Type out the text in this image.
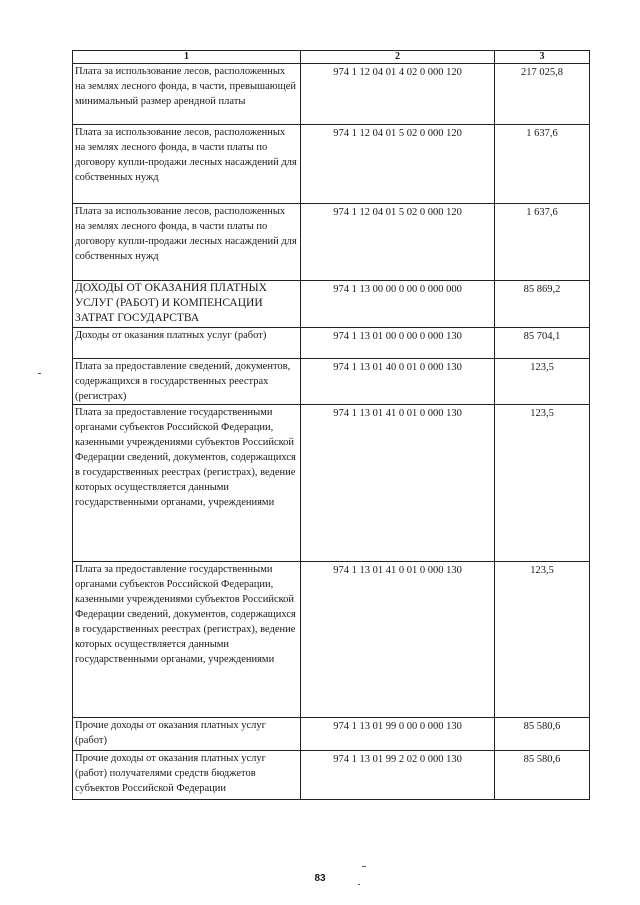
1	2	3
Плата за использование лесов, расположенных на землях лесного фонда, в части, превышающей минимальный размер арендной платы	974 1 12 04 01 4 02 0 000 120	217 025,8
Плата за использование лесов, расположенных на землях лесного фонда, в части платы по договору купли-продажи лесных насаждений для собственных нужд	974 1 12 04 01 5 02 0 000 120	1 637,6
Плата за использование лесов, расположенных на землях лесного фонда, в части платы по договору купли-продажи лесных насаждений для собственных нужд	974 1 12 04 01 5 02 0 000 120	1 637,6
ДОХОДЫ ОТ ОКАЗАНИЯ ПЛАТНЫХ УСЛУГ (РАБОТ) И КОМПЕНСАЦИИ ЗАТРАТ ГОСУДАРСТВА	974 1 13 00 00 0 00 0 000 000	85 869,2
Доходы от оказания платных услуг (работ)	974 1 13 01 00 0 00 0 000 130	85 704,1
Плата за предоставление сведений, документов, содержащихся в государственных реестрах (регистрах)	974 1 13 01 40 0 01 0 000 130	123,5
Плата за предоставление государственными органами субъектов Российской Федерации, казенными учреждениями субъектов Российской Федерации сведений, документов, содержащихся в государственных реестрах (регистрах), ведение которых осуществляется данными государственными органами, учреждениями	974 1 13 01 41 0 01 0 000 130	123,5
Плата за предоставление государственными органами субъектов Российской Федерации, казенными учреждениями субъектов Российской Федерации сведений, документов, содержащихся в государственных реестрах (регистрах), ведение которых осуществляется данными государственными органами, учреждениями	974 1 13 01 41 0 01 0 000 130	123,5
Прочие доходы от оказания платных услуг (работ)	974 1 13 01 99 0 00 0 000 130	85 580,6
Прочие доходы от оказания платных услуг (работ) получателями средств бюджетов субъектов Российской Федерации	974 1 13 01 99 2 02 0 000 130	85 580,6
83
